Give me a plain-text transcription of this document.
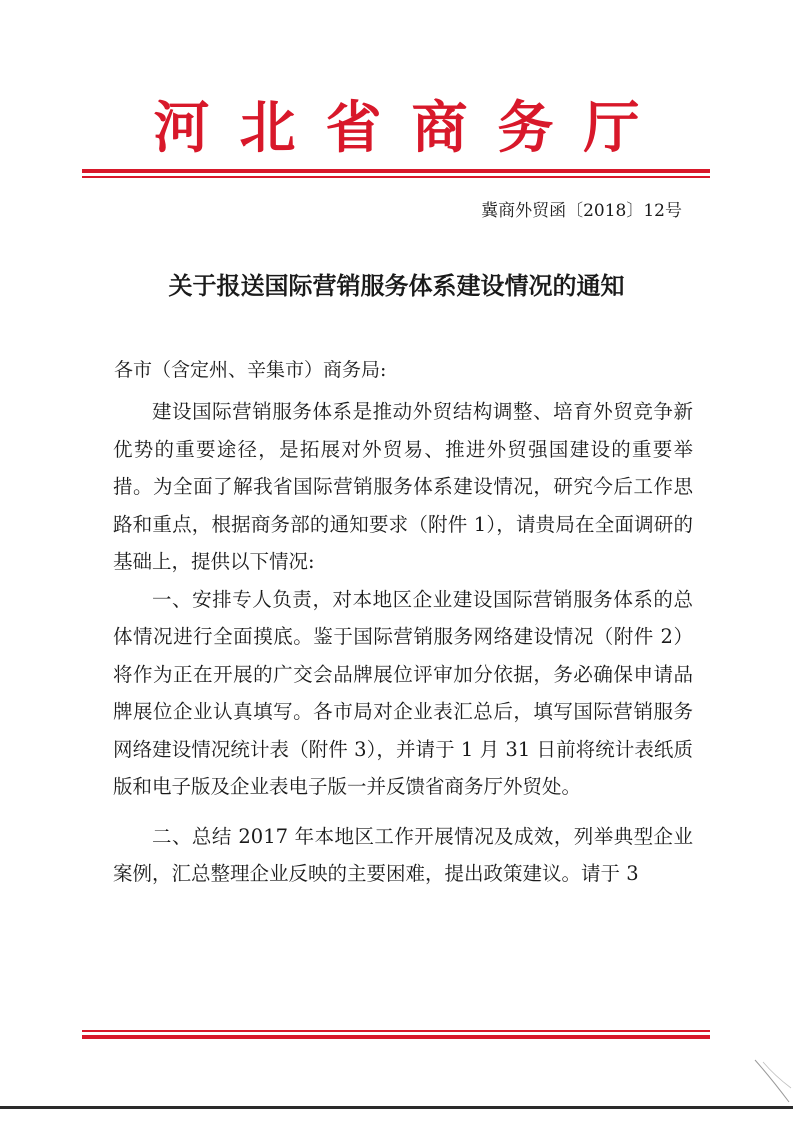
河北省商务厅
冀商外贸函〔2018〕12号
关于报送国际营销服务体系建设情况的通知
各市（含定州、辛集市）商务局:

建设国际营销服务体系是推动外贸结构调整、培育外贸竞争新优势的重要途径，是拓展对外贸易、推进外贸强国建设的重要举措。为全面了解我省国际营销服务体系建设情况，研究今后工作思路和重点，根据商务部的通知要求（附件 1），请贵局在全面调研的基础上，提供以下情况:

一、安排专人负责，对本地区企业建设国际营销服务体系的总体情况进行全面摸底。鉴于国际营销服务网络建设情况（附件 2）将作为正在开展的广交会品牌展位评审加分依据，务必确保申请品牌展位企业认真填写。各市局对企业表汇总后，填写国际营销服务网络建设情况统计表（附件 3），并请于 1 月 31 日前将统计表纸质版和电子版及企业表电子版一并反馈省商务厅外贸处。

二、总结 2017 年本地区工作开展情况及成效，列举典型企业案例，汇总整理企业反映的主要困难，提出政策建议。请于 3
